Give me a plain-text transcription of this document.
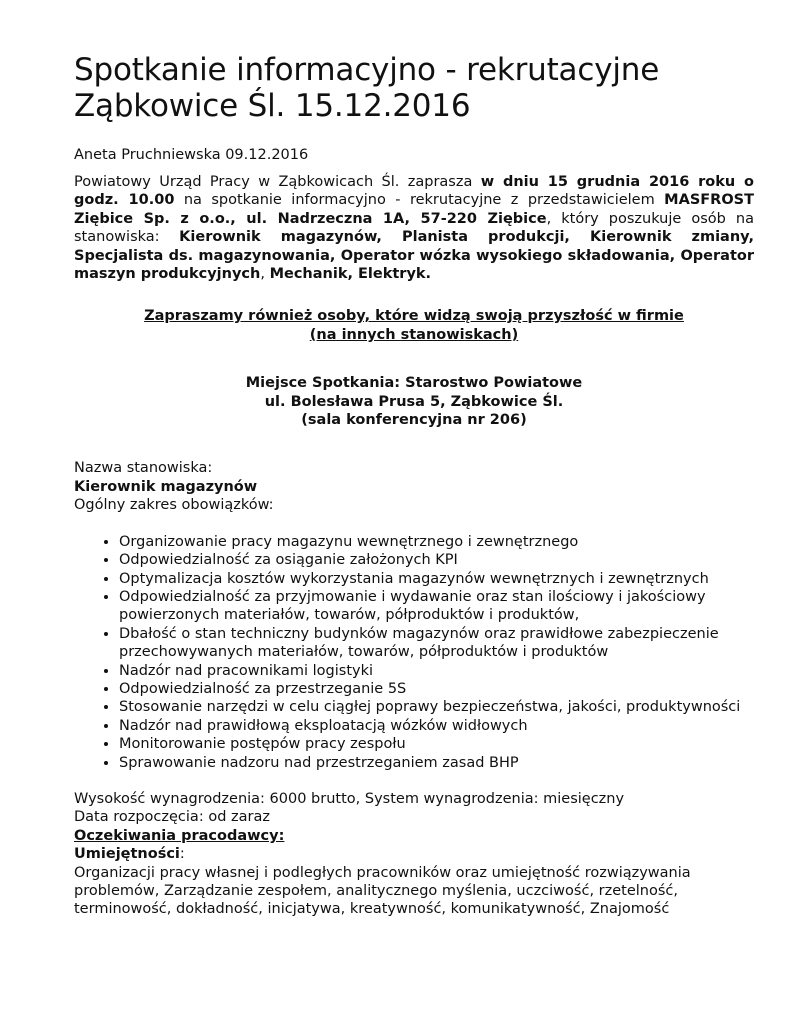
Spotkanie informacyjno - rekrutacyjne
Ząbkowice Śl. 15.12.2016
Aneta Pruchniewska 09.12.2016
Powiatowy Urząd Pracy w Ząbkowicach Śl. zaprasza w dniu 15 grudnia 2016 roku o godz. 10.00 na spotkanie informacyjno - rekrutacyjne z przedstawicielem MASFROST Ziębice Sp. z o.o., ul. Nadrzeczna 1A, 57-220 Ziębice, który poszukuje osób na stanowiska: Kierownik magazynów, Planista produkcji, Kierownik zmiany, Specjalista ds. magazynowania, Operator wózka wysokiego składowania, Operator maszyn produkcyjnych, Mechanik, Elektryk.
Zapraszamy również osoby, które widzą swoją przyszłość w firmie
(na innych stanowiskach)
Miejsce Spotkania: Starostwo Powiatowe
ul. Bolesława Prusa 5, Ząbkowice Śl.
(sala konferencyjna nr 206)
Nazwa stanowiska:
Kierownik magazynów
Ogólny zakres obowiązków:
• Organizowanie pracy magazynu wewnętrznego i zewnętrznego
• Odpowiedzialność za osiąganie założonych KPI
• Optymalizacja kosztów wykorzystania magazynów wewnętrznych i zewnętrznych
• Odpowiedzialność za przyjmowanie i wydawanie oraz stan ilościowy i jakościowy powierzonych materiałów, towarów, półproduktów i produktów,
• Dbałość o stan techniczny budynków magazynów oraz prawidłowe zabezpieczenie przechowywanych materiałów, towarów, półproduktów i produktów
• Nadzór nad pracownikami logistyki
• Odpowiedzialność za przestrzeganie 5S
• Stosowanie narzędzi w celu ciągłej poprawy bezpieczeństwa, jakości, produktywności
• Nadzór nad prawidłową eksploatacją wózków widłowych
• Monitorowanie postępów pracy zespołu
• Sprawowanie nadzoru nad przestrzeganiem zasad BHP
Wysokość wynagrodzenia: 6000 brutto, System wynagrodzenia: miesięczny
Data rozpoczęcia: od zaraz
Oczekiwania pracodawcy:
Umiejętności:
Organizacji pracy własnej i podległych pracowników oraz umiejętność rozwiązywania problemów, Zarządzanie zespołem, analitycznego myślenia, uczciwość, rzetelność, terminowość, dokładność, inicjatywa, kreatywność, komunikatywność, Znajomość
